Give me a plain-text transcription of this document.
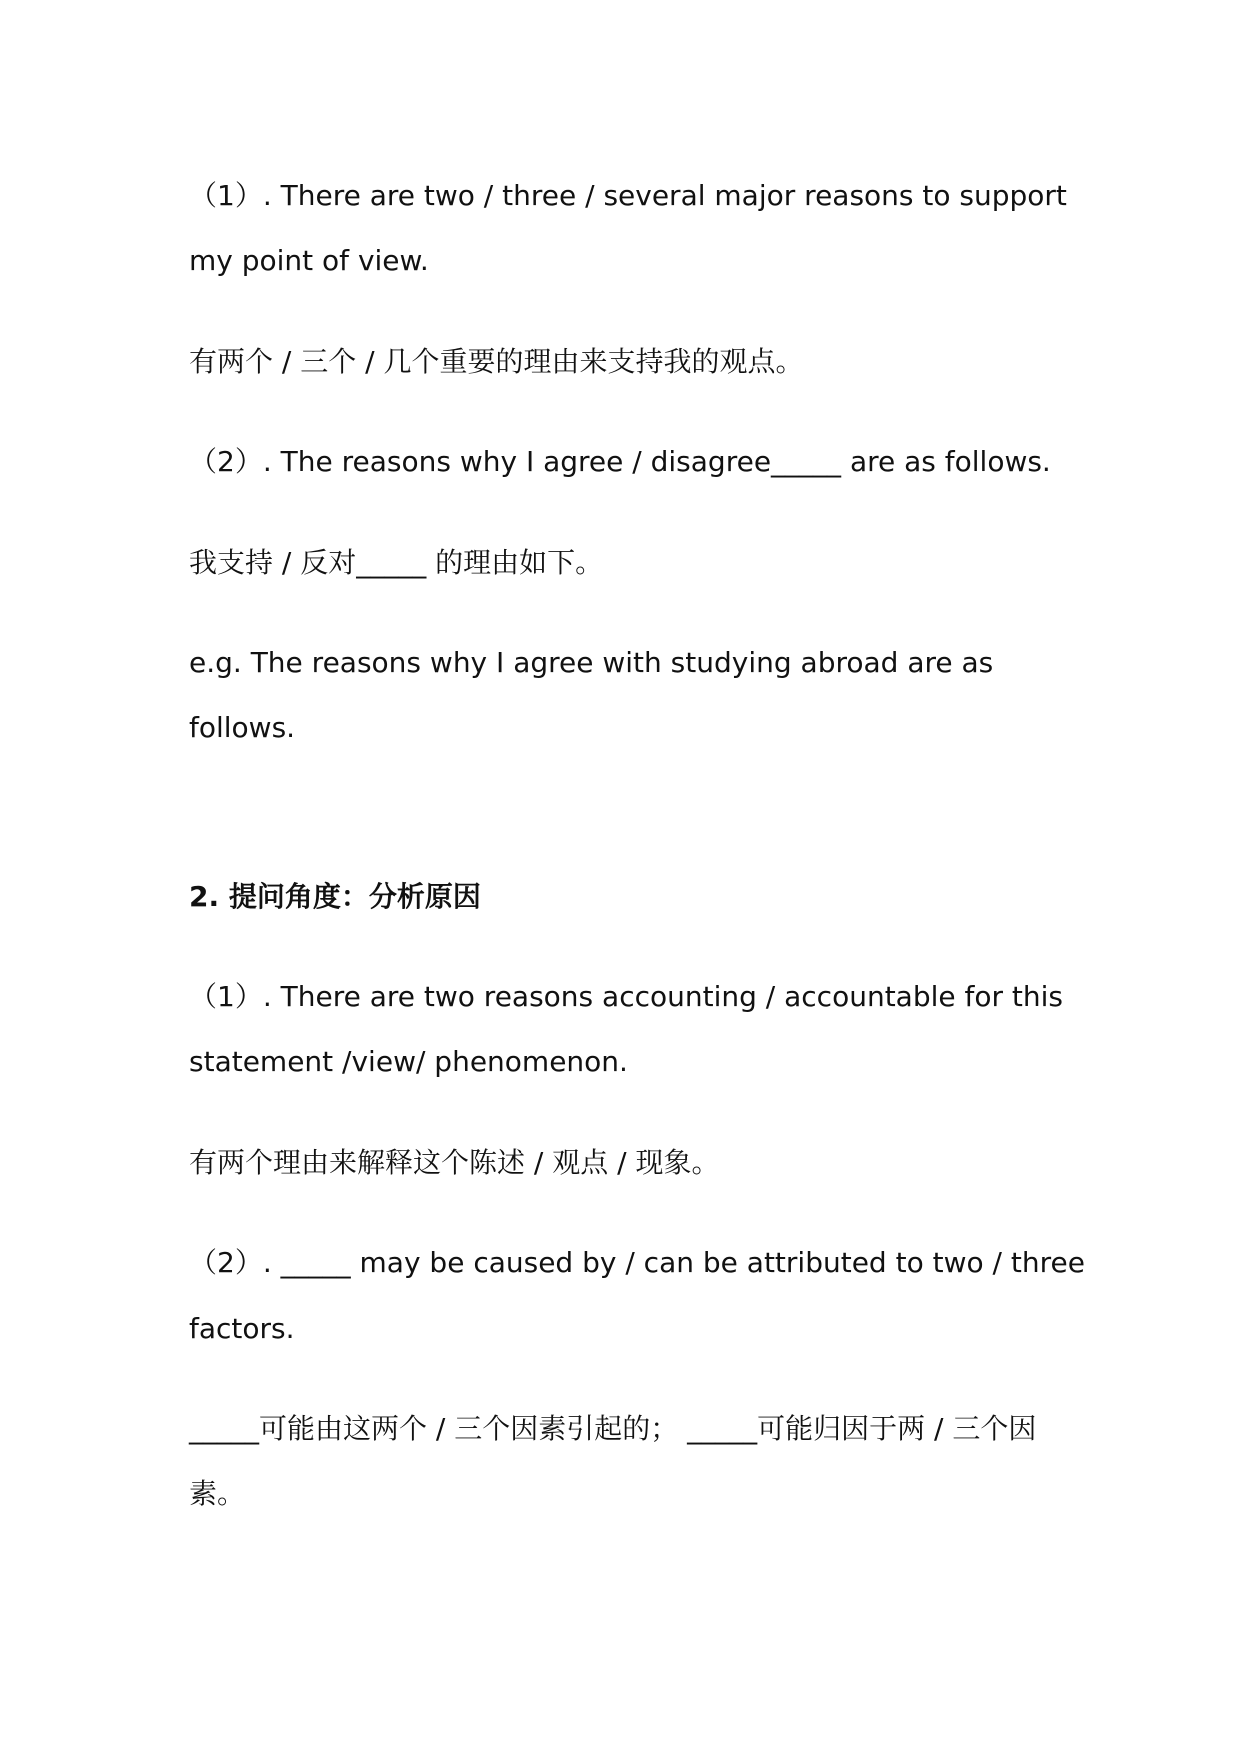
（1）. There are two / three / several major reasons to support
my point of view.
有两个 / 三个 / 几个重要的理由来支持我的观点。
（2）. The reasons why I agree / disagree_____ are as follows.
我支持 / 反对_____ 的理由如下。
e.g. The reasons why I agree with studying abroad are as
follows.
2. 提问角度：分析原因
（1）. There are two reasons accounting / accountable for this
statement /view/ phenomenon.
有两个理由来解释这个陈述 / 观点 / 现象。
（2）. _____ may be caused by / can be attributed to two / three
factors.
_____可能由这两个 / 三个因素引起的； _____可能归因于两 / 三个因
素。
